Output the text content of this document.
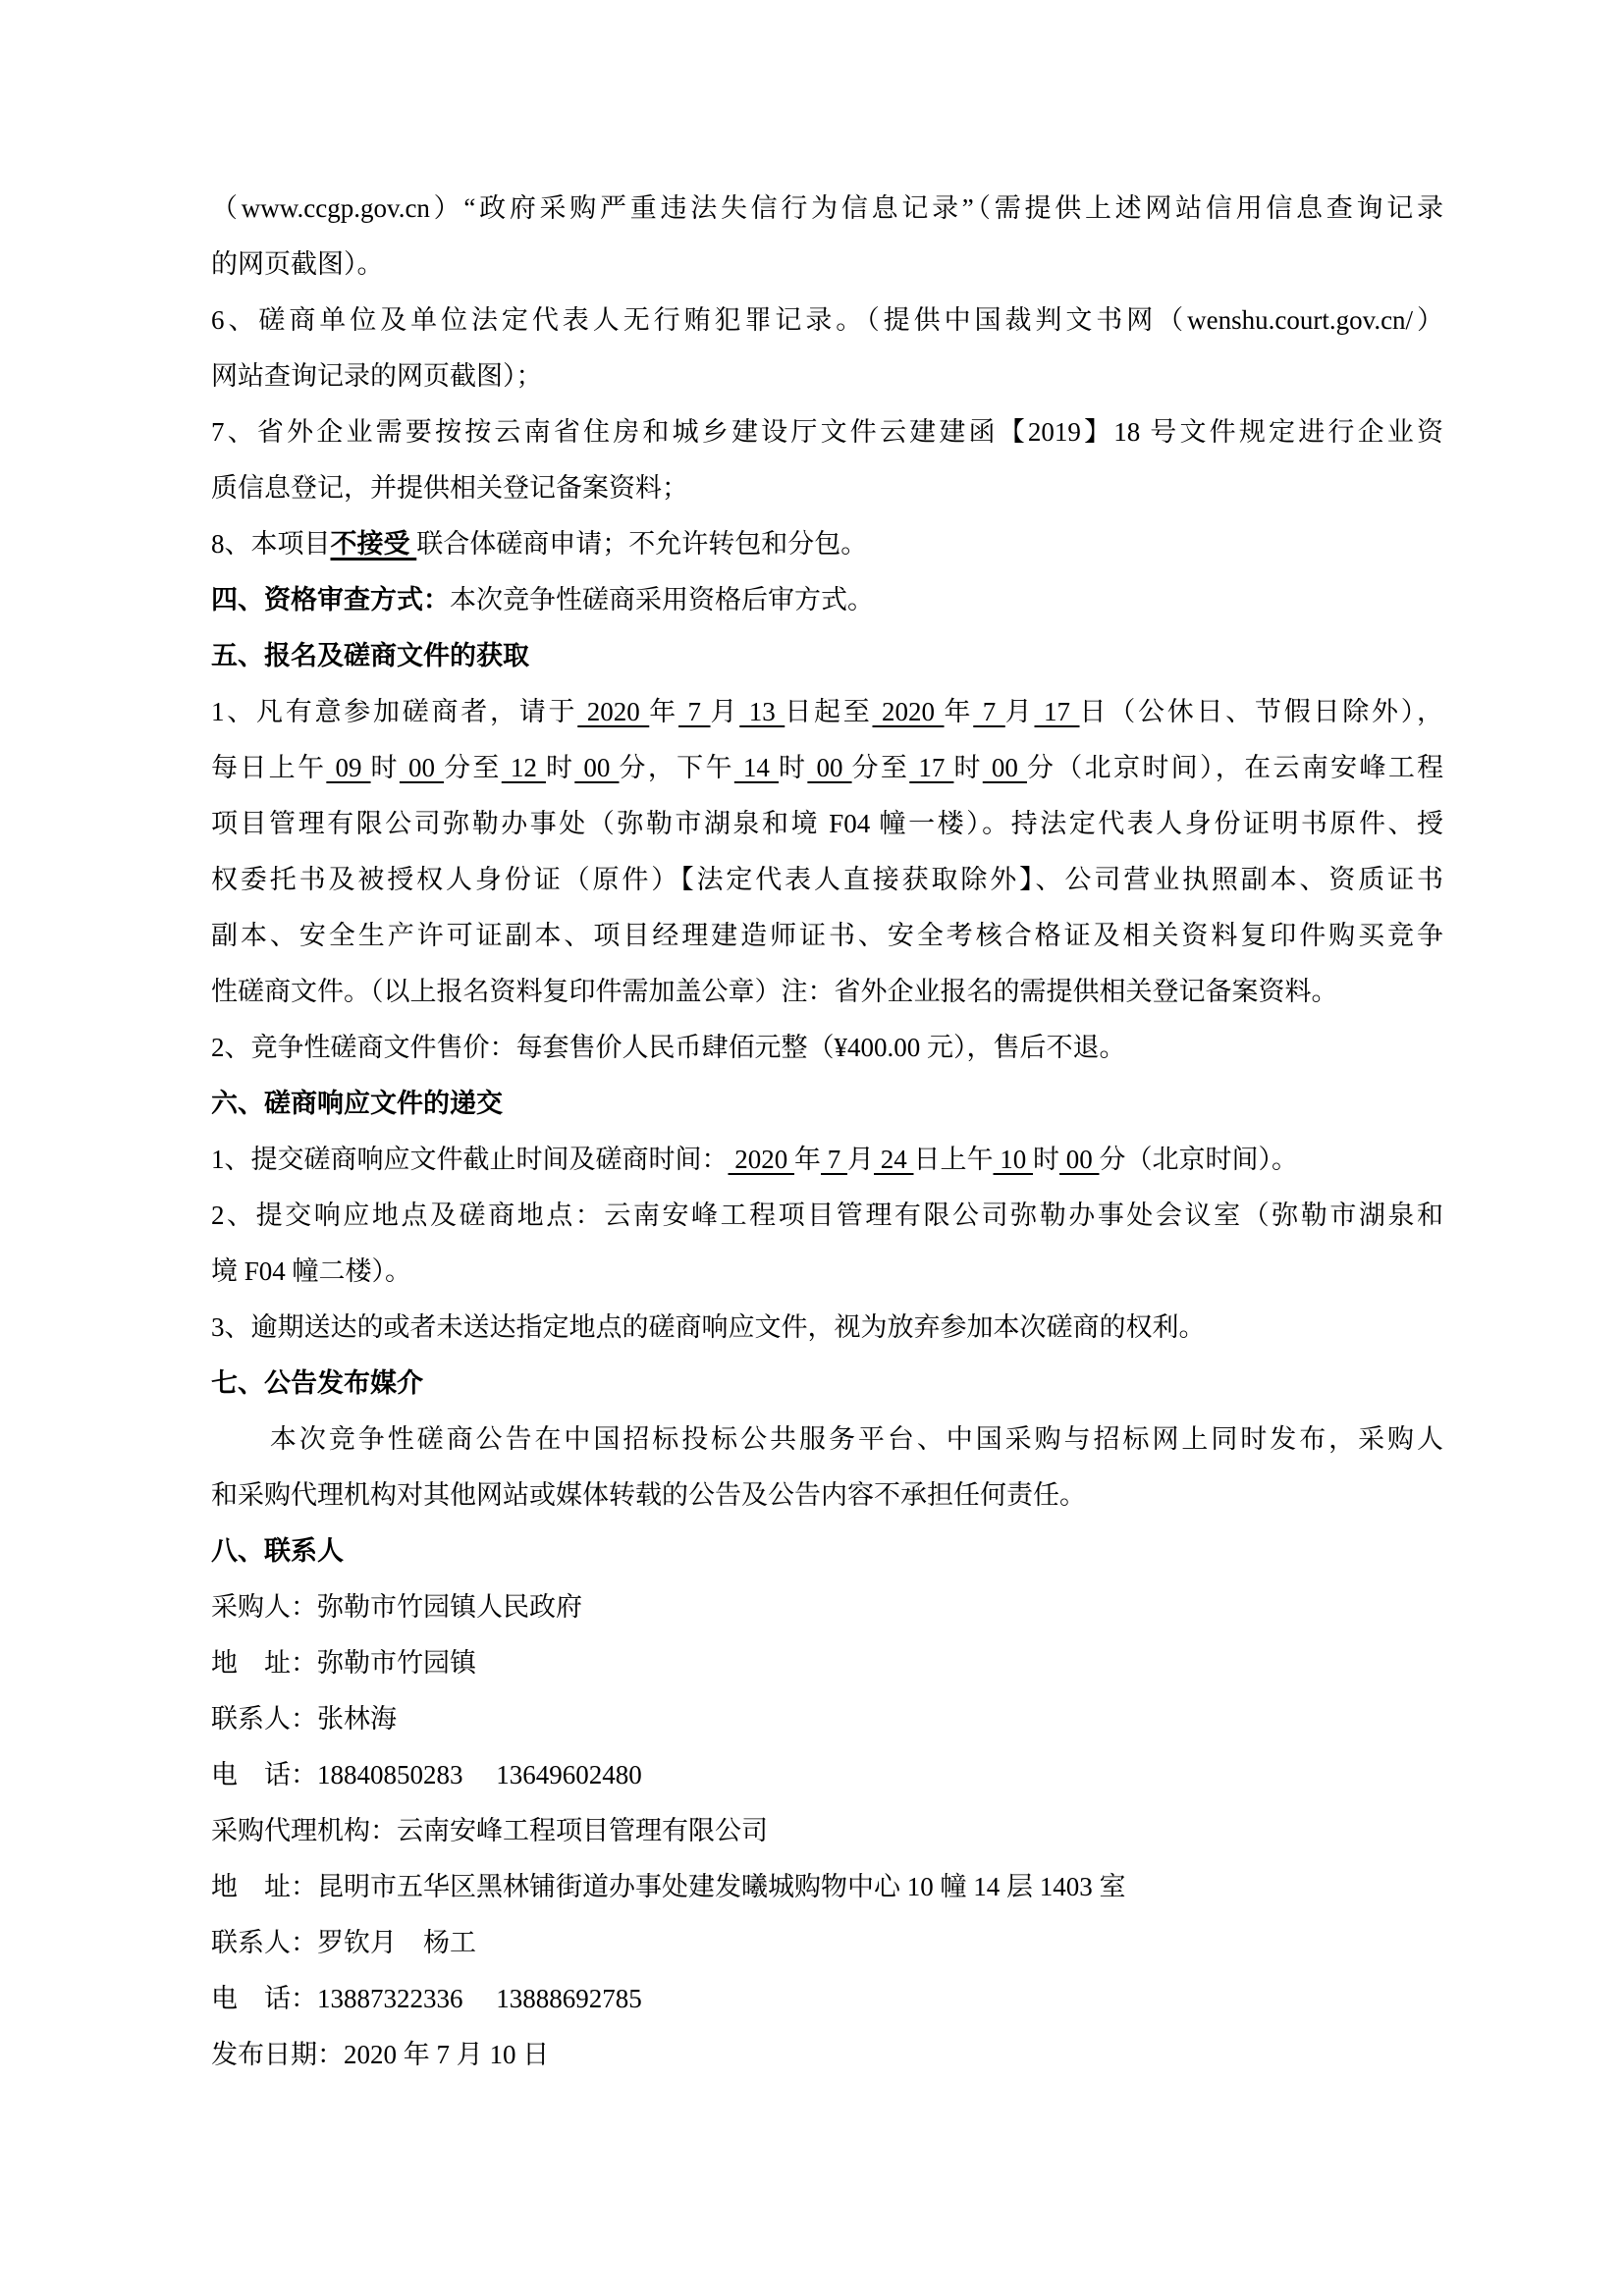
（www.ccgp.gov.cn）“政府采购严重违法失信行为信息记录”（需提供上述网站信用信息查询记录
的网页截图）。
6、磋商单位及单位法定代表人无行贿犯罪记录。（提供中国裁判文书网（wenshu.court.gov.cn/）
网站查询记录的网页截图）；
7、省外企业需要按按云南省住房和城乡建设厅文件云建建函【2019】18 号文件规定进行企业资
质信息登记，并提供相关登记备案资料；
8、本项目不接受 联合体磋商申请；不允许转包和分包。
四、资格审查方式：本次竞争性磋商采用资格后审方式。
五、报名及磋商文件的获取
1、凡有意参加磋商者，请于 2020 年 7 月 13 日起至 2020 年 7 月 17 日（公休日、节假日除外），
每日上午 09 时 00 分至 12 时 00 分，下午 14 时 00 分至 17 时 00 分（北京时间），在云南安峰工程
项目管理有限公司弥勒办事处（弥勒市湖泉和境 F04 幢一楼）。持法定代表人身份证明书原件、授
权委托书及被授权人身份证（原件）【法定代表人直接获取除外】、公司营业执照副本、资质证书
副本、安全生产许可证副本、项目经理建造师证书、安全考核合格证及相关资料复印件购买竞争
性磋商文件。（以上报名资料复印件需加盖公章）注：省外企业报名的需提供相关登记备案资料。
2、竞争性磋商文件售价：每套售价人民币肆佰元整（¥400.00 元），售后不退。
六、磋商响应文件的递交
1、提交磋商响应文件截止时间及磋商时间： 2020 年 7 月 24 日上午 10 时 00 分（北京时间）。
2、提交响应地点及磋商地点：云南安峰工程项目管理有限公司弥勒办事处会议室（弥勒市湖泉和
境 F04 幢二楼）。
3、逾期送达的或者未送达指定地点的磋商响应文件，视为放弃参加本次磋商的权利。
七、公告发布媒介
　　本次竞争性磋商公告在中国招标投标公共服务平台、中国采购与招标网上同时发布，采购人
和采购代理机构对其他网站或媒体转载的公告及公告内容不承担任何责任。
八、联系人
采购人：弥勒市竹园镇人民政府
地　址：弥勒市竹园镇
联系人：张林海
电　话：18840850283　 13649602480
采购代理机构：云南安峰工程项目管理有限公司
地　址：昆明市五华区黑林铺街道办事处建发曦城购物中心 10 幢 14 层 1403 室
联系人：罗钦月　杨工
电　话：13887322336　 13888692785
发布日期：2020 年 7 月 10 日
